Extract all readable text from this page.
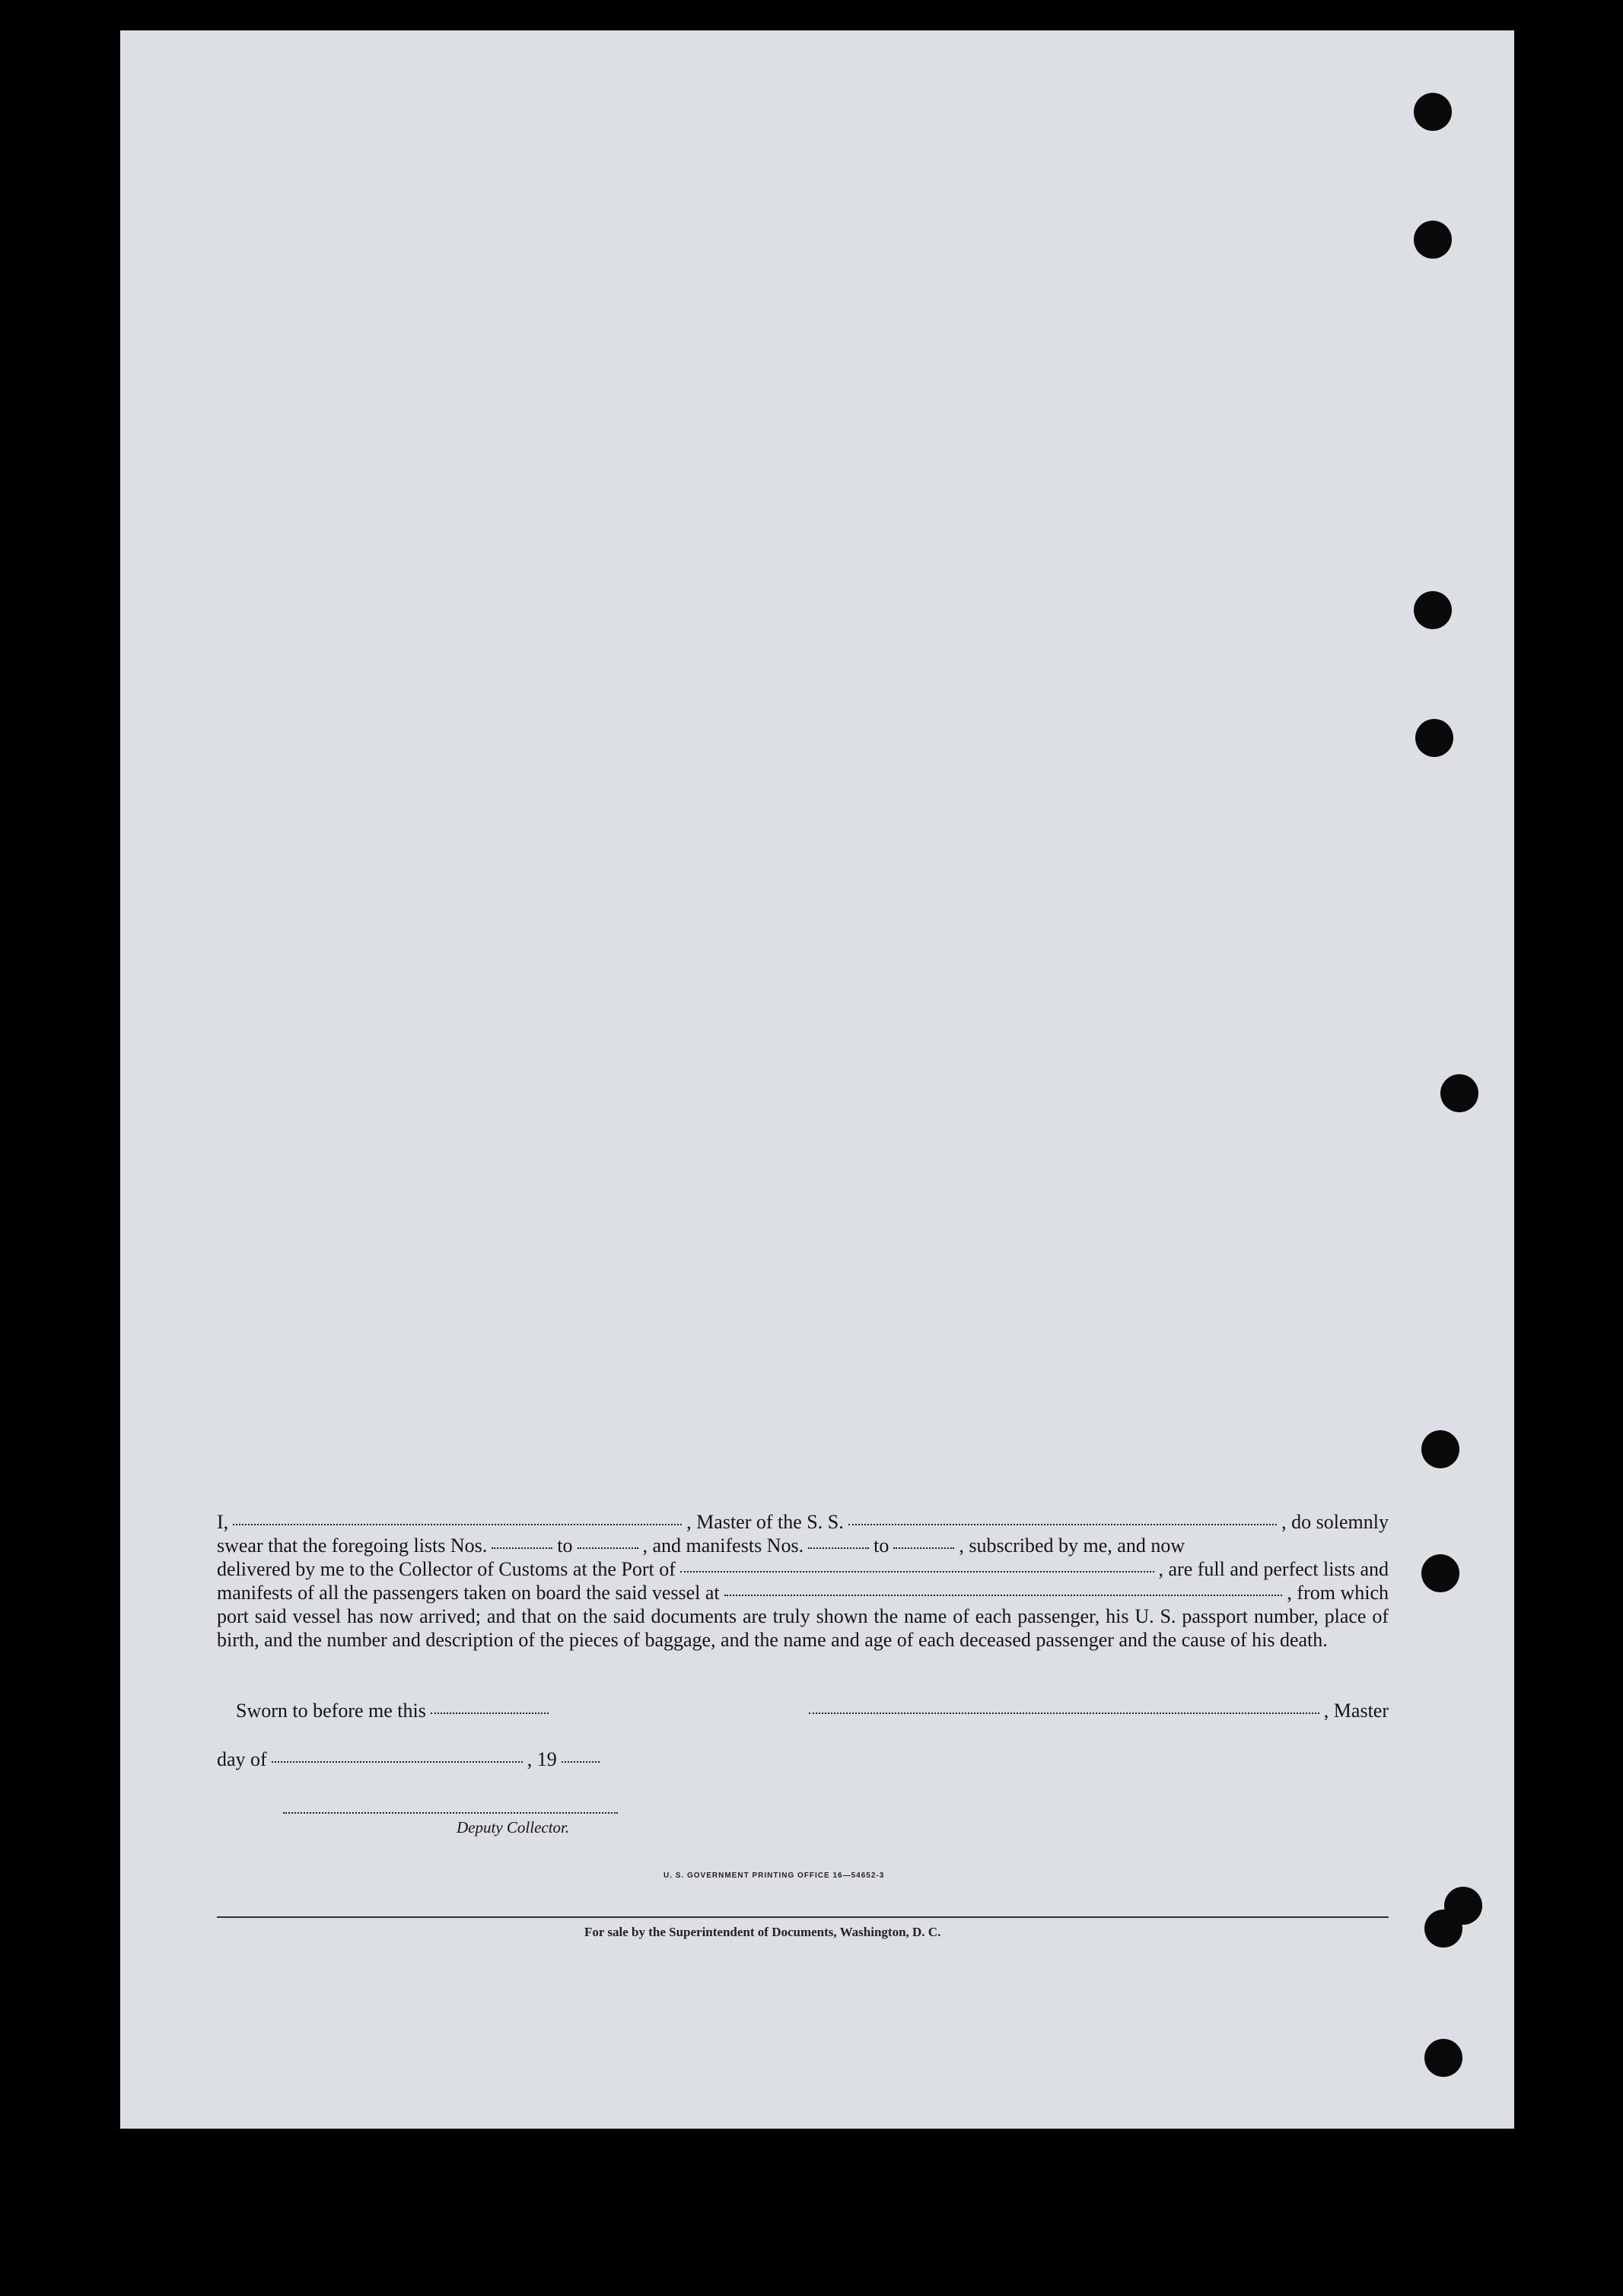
I,	, Master of the S. S.	, do solemnly
swear that the foregoing lists Nos.	to	, and manifests Nos.	to	, subscribed by me, and now
delivered by me to the Collector of Customs at the Port of	, are full and perfect lists and
manifests of all the passengers taken on board the said vessel at	, from which

port said vessel has now arrived; and that on the said documents are truly shown the name of each passenger, his U. S. passport number, place of birth, and the number and description of the pieces of baggage, and the name and age of each deceased passenger and the cause of his death.

Sworn to before me this	, Master
day of	, 19
Deputy Collector.
U. S. GOVERNMENT PRINTING OFFICE 16—54652-3
For sale by the Superintendent of Documents, Washington, D. C.
